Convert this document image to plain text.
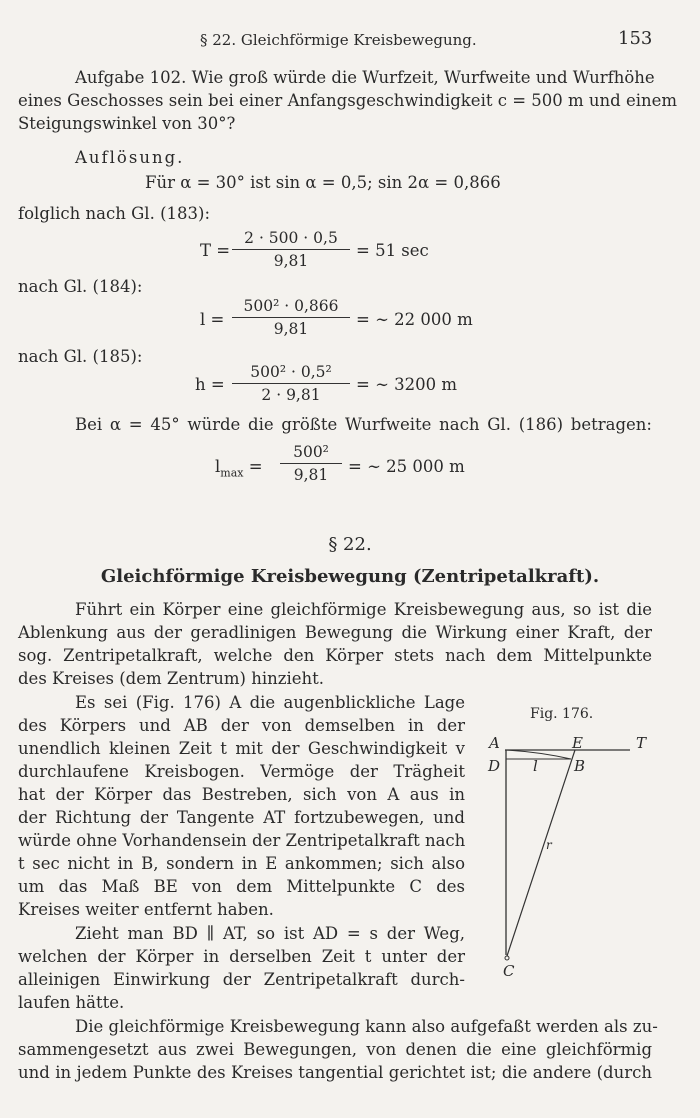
§ 22. Gleichförmige Kreisbewegung.	153
Aufgabe 102. Wie groß würde die Wurfzeit, Wurfweite und Wurfhöhe
eines Geschosses sein bei einer Anfangsgeschwindigkeit c = 500 m und einem
Steigungswinkel von 30°?
Auflösung.
Für α = 30° ist sin α = 0,5; sin 2α = 0,866
folglich nach Gl. (183):
T =
2 · 500 · 0,5
9,81
= 51 sec
nach Gl. (184):
l =
500² · 0,866
9,81	= ∼ 22 000 m
nach Gl. (185):
h =
500² · 0,5²
2 · 9,81
= ∼ 3200 m
Bei α = 45° würde die größte Wurfweite nach Gl. (186) betragen:
$l_{max}$ =
500²
9,81	= ∼ 25 000 m
§ 22.
Gleichförmige Kreisbewegung (Zentripetalkraft).
Führt ein Körper eine gleichförmige Kreisbewegung aus, so ist die
Ablenkung aus der geradlinigen Bewegung die Wirkung einer Kraft, der
sog. Zentripetalkraft, welche den Körper stets nach dem Mittelpunkte
des Kreises (dem Zentrum) hinzieht.
Es sei (Fig. 176) A die augenblickliche Lage
des Körpers und AB der von demselben in der
unendlich kleinen Zeit t mit der Geschwindigkeit v
durchlaufene Kreisbogen. Vermöge der Trägheit
hat der Körper das Bestreben, sich von A aus in
der Richtung der Tangente AT fortzubewegen, und
würde ohne Vorhandensein der Zentripetalkraft nach
t sec nicht in B, sondern in E ankommen; sich also
um das Maß BE von dem Mittelpunkte C des
Kreises weiter entfernt haben.
Zieht man BD ∥ AT, so ist AD = s der Weg,
welchen der Körper in derselben Zeit t unter der
alleinigen Einwirkung der Zentripetalkraft durch-
laufen hätte.
Die gleichförmige Kreisbewegung kann also aufgefaßt werden als zu-
sammengesetzt aus zwei Bewegungen, von denen die eine gleichförmig
und in jedem Punkte des Kreises tangential gerichtet ist; die andere (durch
Fig. 176.
A	E	T
D l B
r
C
